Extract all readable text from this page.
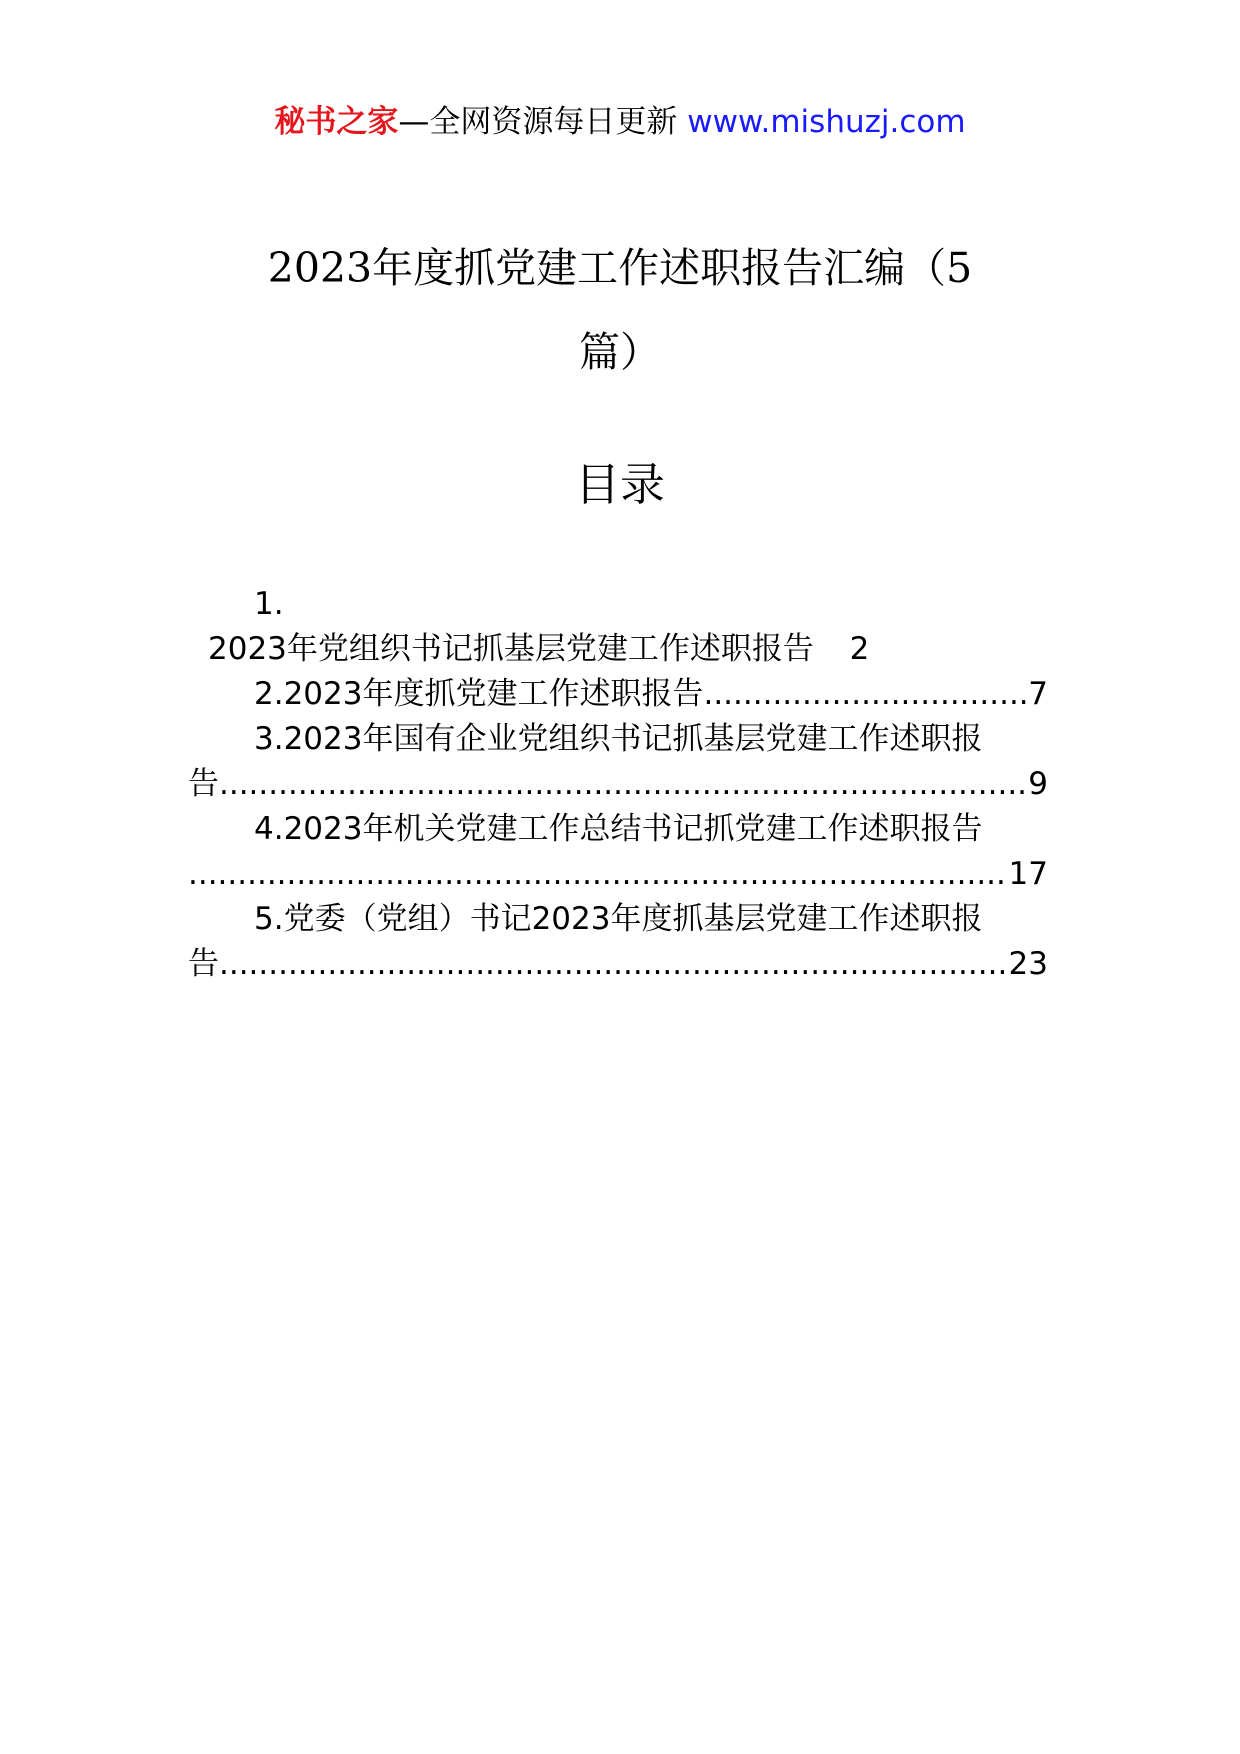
秘书之家—全网资源每日更新 www.mishuzj.com
2023年度抓党建工作述职报告汇编（5
篇）
目录
1.
2023年党组织书记抓基层党建工作述职报告 2
2.2023年度抓党建工作述职报告 .....	7
3.2023年国有企业党组织书记抓基层党建工作述职报
告 .....	9
4.2023年机关党建工作总结书记抓党建工作述职报告
.....
17
5.党委（党组）书记2023年度抓基层党建工作述职报
告 .....	23
